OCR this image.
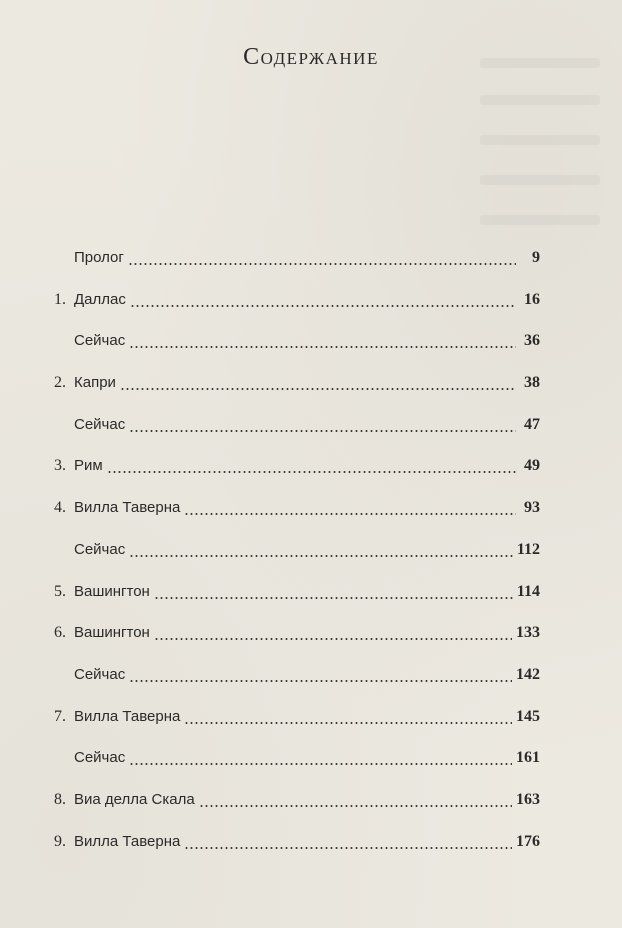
Содержание
Пролог	9
1. Даллас	16
Сейчас	36
2. Капри	38
Сейчас	47
3. Рим	49
4. Вилла Таверна	93
Сейчас	112
5. Вашингтон	114
6. Вашингтон	133
Сейчас	142
7. Вилла Таверна	145
Сейчас	161
8. Виа делла Скала	163
9. Вилла Таверна	176
